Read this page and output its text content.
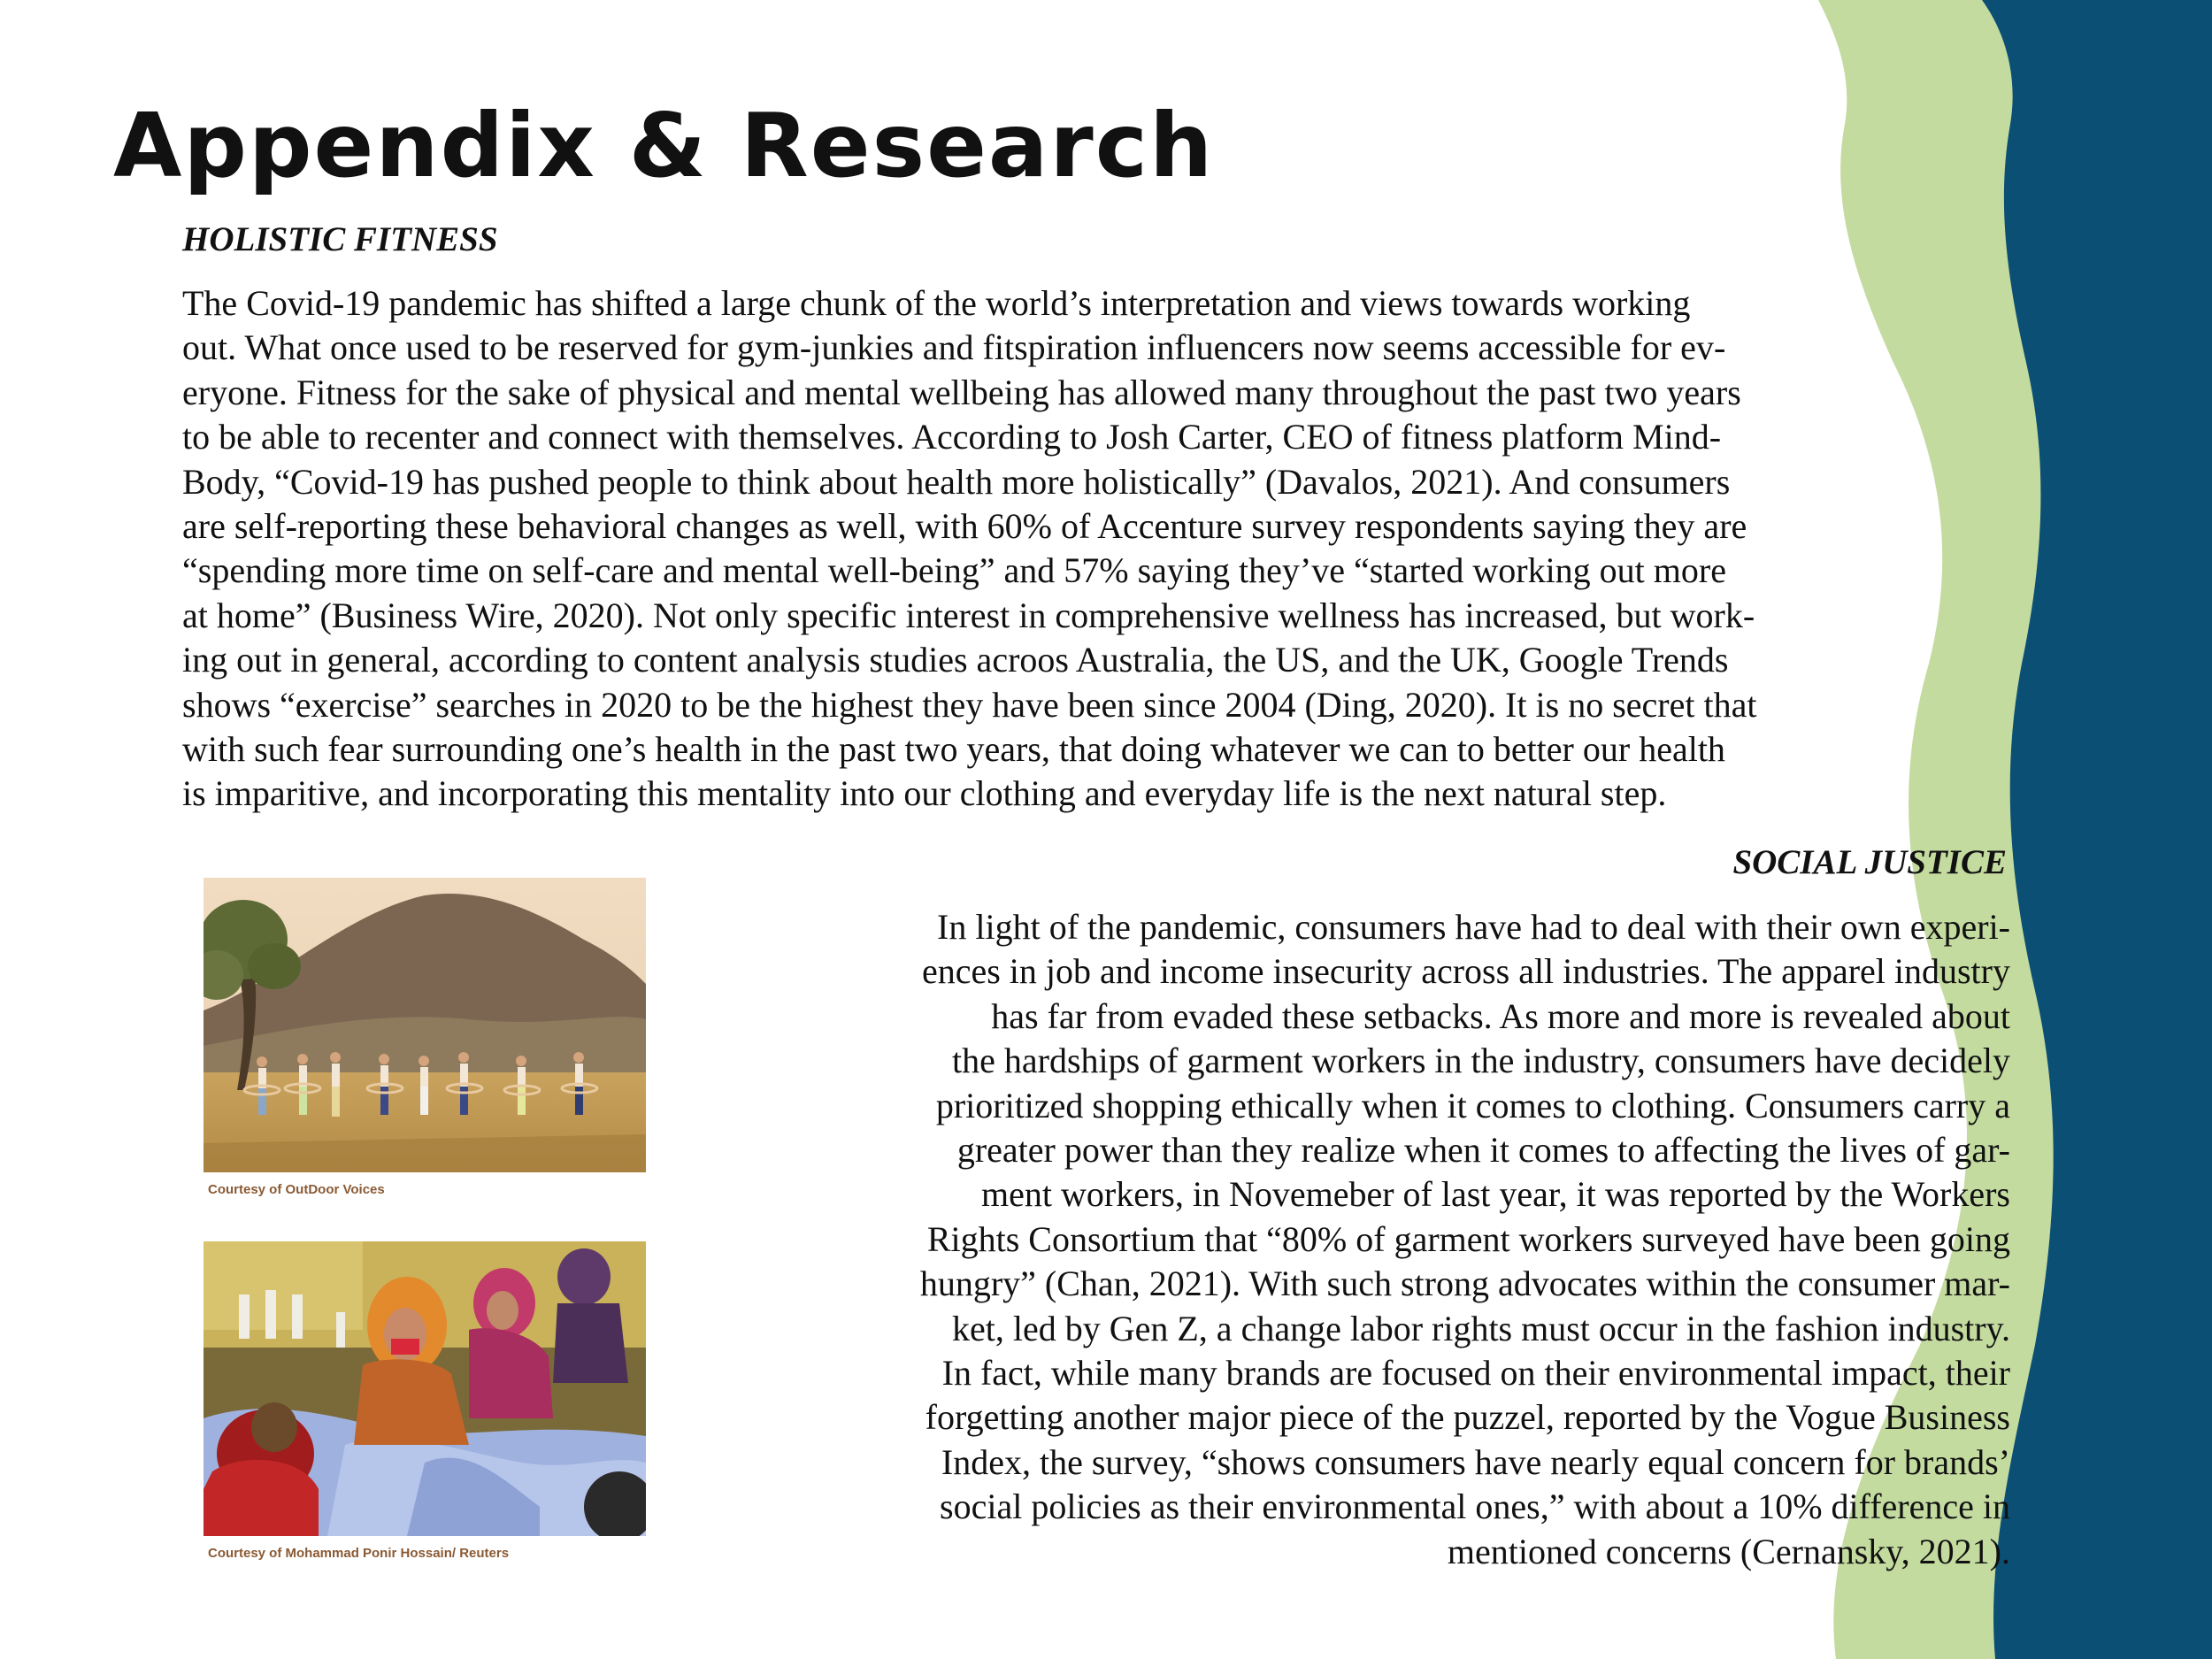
Appendix & Research
HOLISTIC FITNESS
The Covid-19 pandemic has shifted a large chunk of the world’s interpretation and views towards working
out. What once used to be reserved for gym-junkies and fitspiration influencers now seems accessible for ev-
eryone. Fitness for the sake of physical and mental wellbeing has allowed many throughout the past two years
to be able to recenter and connect with themselves. According to Josh Carter, CEO of fitness platform Mind-
Body, “Covid-19 has pushed people to think about health more holistically” (Davalos, 2021). And consumers
are self-reporting these behavioral changes as well, with 60% of Accenture survey respondents saying they are
“spending more time on self-care and mental well-being” and 57% saying they’ve “started working out more
at home” (Business Wire, 2020). Not only specific interest in comprehensive wellness has increased, but work-
ing out in general, according to content analysis studies acroos Australia, the US, and the UK, Google Trends
shows “exercise” searches in 2020 to be the highest they have been since 2004 (Ding, 2020). It is no secret that
with such fear surrounding one’s health in the past two years, that doing whatever we can to better our health
is imparitive, and incorporating this mentality into our clothing and everyday life is the next natural step.
SOCIAL JUSTICE
In light of the pandemic, consumers have had to deal with their own experi-
ences in job and income insecurity across all industries. The apparel industry
has far from evaded these setbacks. As more and more is revealed about
the hardships of garment workers in the industry, consumers have decidely
prioritized shopping ethically when it comes to clothing. Consumers carry a
greater power than they realize when it comes to affecting the lives of gar-
ment workers, in Novemeber of last year, it was reported by the Workers
Rights Consortium that “80% of garment workers surveyed have been going
hungry” (Chan, 2021). With such strong advocates within the consumer mar-
ket, led by Gen Z, a change labor rights must occur in the fashion industry.
In fact, while many brands are focused on their environmental impact, their
forgetting another major piece of the puzzel, reported by the Vogue Business
Index, the survey, “shows consumers have nearly equal concern for brands’
social policies as their environmental ones,” with about a 10% difference in
mentioned concerns (Cernansky, 2021).
Courtesy of OutDoor Voices
Courtesy of Mohammad Ponir Hossain/ Reuters
